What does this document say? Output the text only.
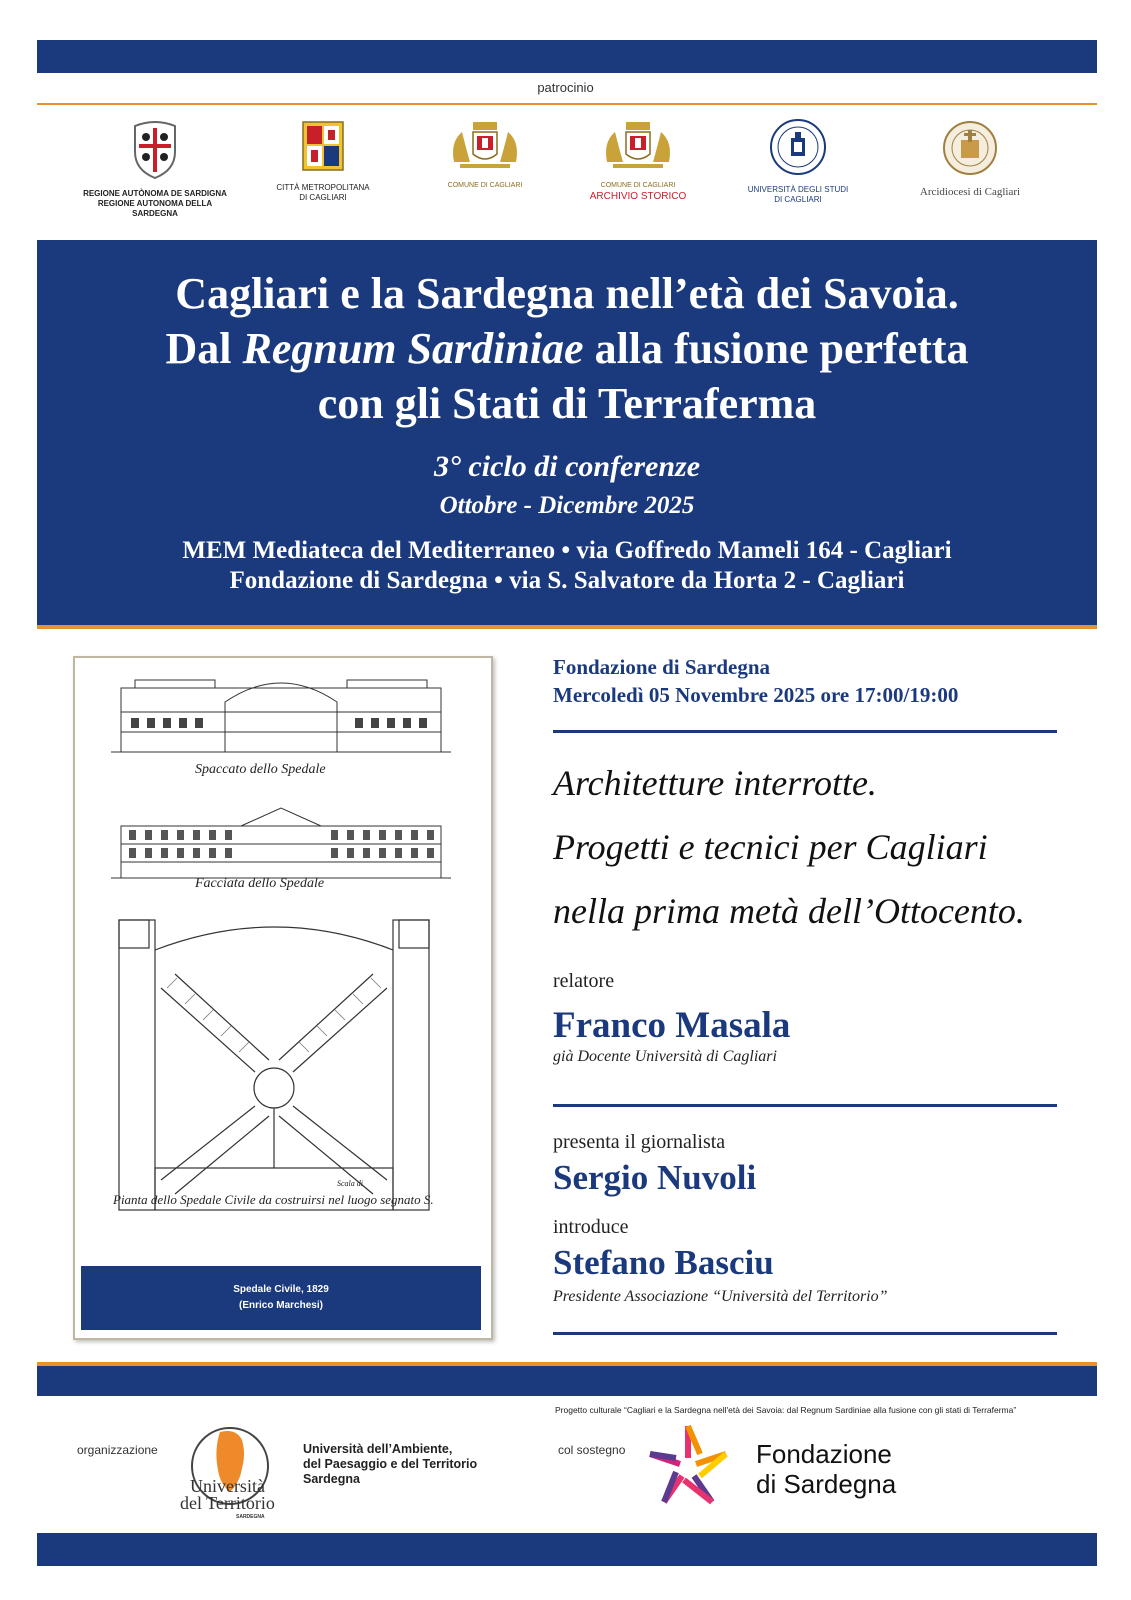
patrocinio
REGIONE AUTÒNOMA DE SARDIGNA
REGIONE AUTONOMA DELLA SARDEGNA
CITTÀ METROPOLITANA
DI CAGLIARI
COMUNE DI CAGLIARI	COMUNE DI CAGLIARI
ARCHIVIO STORICO
UNIVERSITÀ DEGLI STUDI
DI CAGLIARI
Arcidiocesi di Cagliari
Cagliari e la Sardegna nell’età dei Savoia.
Dal Regnum Sardiniae alla fusione perfetta
con gli Stati di Terraferma
3° ciclo di conferenze
Ottobre - Dicembre 2025
MEM Mediateca del Mediterraneo • via Goffredo Mameli 164 - Cagliari
Fondazione di Sardegna • via S. Salvatore da Horta 2 - Cagliari
Spaccato dello Spedale
Facciata dello Spedale
Scala di
Pianta dello Spedale Civile da costruirsi nel luogo segnato S.
Spedale Civile, 1829
(Enrico Marchesi)
Fondazione di Sardegna
Mercoledì 05 Novembre 2025 ore 17:00/19:00
Architetture interrotte.
Progetti e tecnici per Cagliari
nella prima metà dell’Ottocento.
relatore
Franco Masala
già Docente Università di Cagliari
presenta il giornalista
Sergio Nuvoli
introduce
Stefano Basciu
Presidente Associazione “Università del Territorio”
Progetto culturale “Cagliari e la Sardegna nell'età dei Savoia: dal Regnum Sardiniae alla fusione con gli stati di Terraferma”
organizzazione
Università
del Territorio
SARDEGNA
Università dell’Ambiente,
del Paesaggio e del Territorio
Sardegna
col sostegno	Fondazione
di Sardegna
